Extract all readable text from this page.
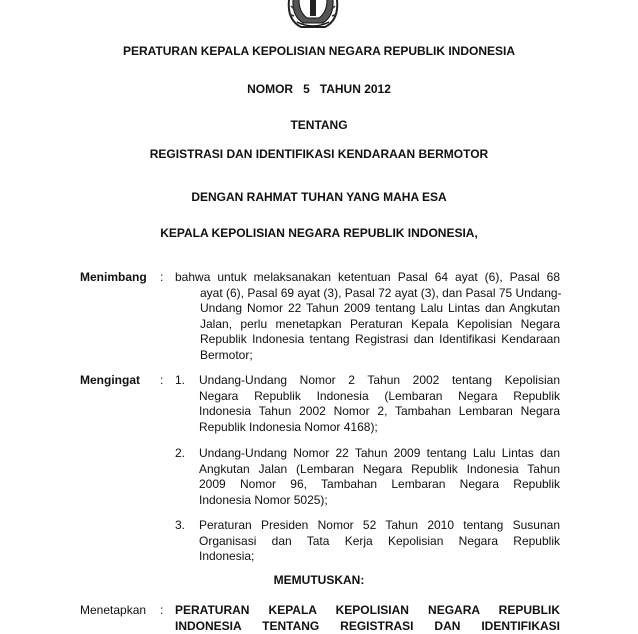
PERATURAN KEPALA KEPOLISIAN NEGARA REPUBLIK INDONESIA
NOMOR   5   TAHUN 2012
TENTANG
REGISTRASI DAN IDENTIFIKASI KENDARAAN BERMOTOR
DENGAN RAHMAT TUHAN YANG MAHA ESA
KEPALA KEPOLISIAN NEGARA REPUBLIK INDONESIA,
Menimbang : bahwa untuk melaksanakan ketentuan Pasal 64 ayat (6), Pasal 68
ayat (6), Pasal 69 ayat (3), Pasal 72 ayat (3), dan Pasal 75 Undang-
Undang Nomor 22 Tahun 2009 tentang Lalu Lintas dan Angkutan
Jalan, perlu menetapkan Peraturan Kepala Kepolisian Negara
Republik Indonesia tentang Registrasi dan Identifikasi Kendaraan
Bermotor;
Mengingat : 1. Undang-Undang Nomor 2 Tahun 2002 tentang Kepolisian
Negara Republik Indonesia (Lembaran Negara Republik
Indonesia Tahun 2002 Nomor 2, Tambahan Lembaran Negara
Republik Indonesia Nomor 4168);
2. Undang-Undang Nomor 22 Tahun 2009 tentang Lalu Lintas dan
Angkutan Jalan (Lembaran Negara Republik Indonesia Tahun
2009 Nomor 96, Tambahan Lembaran Negara Republik
Indonesia Nomor 5025);
3. Peraturan Presiden Nomor 52 Tahun 2010 tentang Susunan
Organisasi dan Tata Kerja Kepolisian Negara Republik
Indonesia;
MEMUTUSKAN:
Menetapkan : PERATURAN KEPALA KEPOLISIAN NEGARA REPUBLIK
INDONESIA TENTANG REGISTRASI DAN IDENTIFIKASI
